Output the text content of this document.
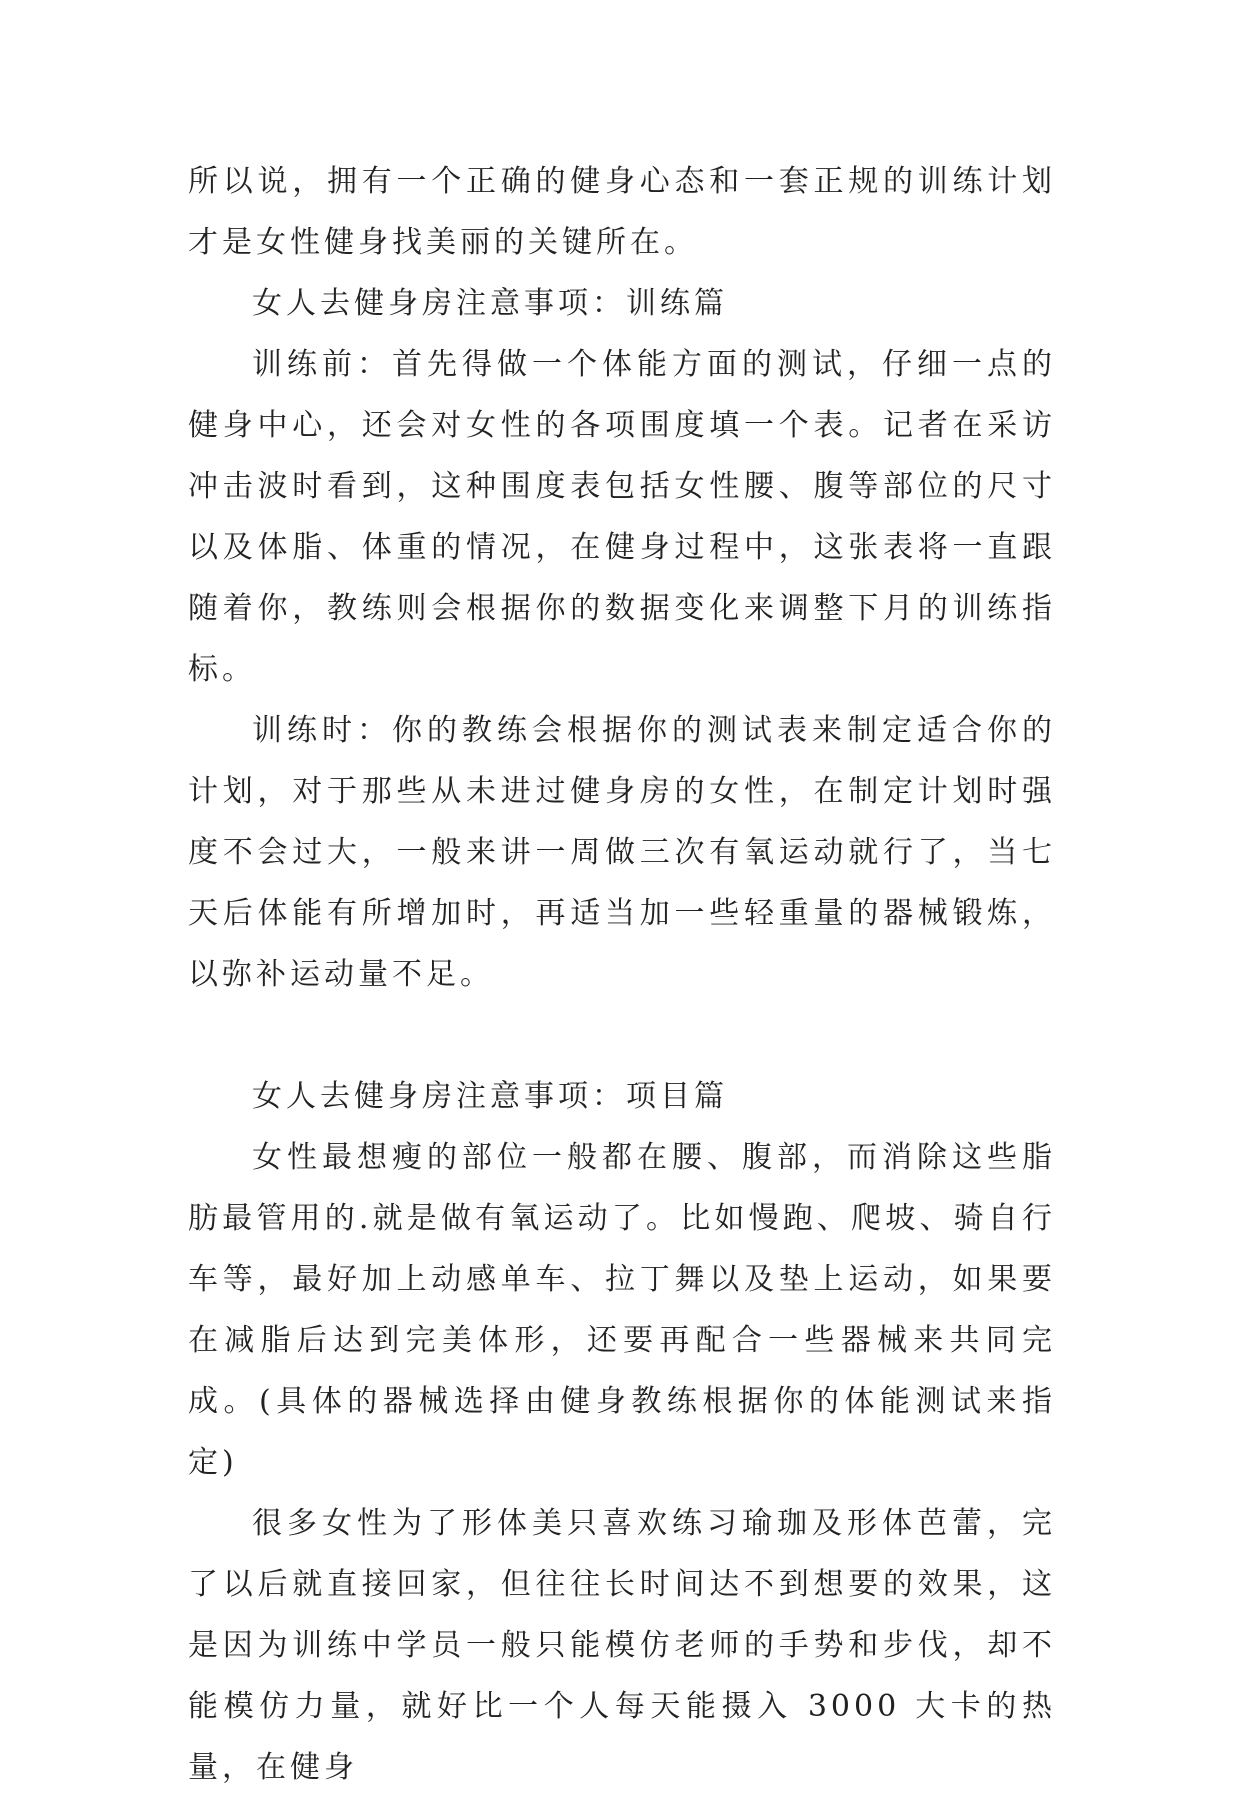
所以说，拥有一个正确的健身心态和一套正规的训练计划才是女性健身找美丽的关键所在。

女人去健身房注意事项：训练篇

训练前：首先得做一个体能方面的测试，仔细一点的健身中心，还会对女性的各项围度填一个表。记者在采访冲击波时看到，这种围度表包括女性腰、腹等部位的尺寸以及体脂、体重的情况，在健身过程中，这张表将一直跟随着你，教练则会根据你的数据变化来调整下月的训练指标。

训练时：你的教练会根据你的测试表来制定适合你的计划，对于那些从未进过健身房的女性，在制定计划时强度不会过大，一般来讲一周做三次有氧运动就行了，当七天后体能有所增加时，再适当加一些轻重量的器械锻炼，以弥补运动量不足。

女人去健身房注意事项：项目篇

女性最想瘦的部位一般都在腰、腹部，而消除这些脂肪最管用的.就是做有氧运动了。比如慢跑、爬坡、骑自行车等，最好加上动感单车、拉丁舞以及垫上运动，如果要在减脂后达到完美体形，还要再配合一些器械来共同完成。(具体的器械选择由健身教练根据你的体能测试来指定)

很多女性为了形体美只喜欢练习瑜珈及形体芭蕾，完了以后就直接回家，但往往长时间达不到想要的效果，这是因为训练中学员一般只能模仿老师的手势和步伐，却不能模仿力量，就好比一个人每天能摄入 3000 大卡的热量，在健身
